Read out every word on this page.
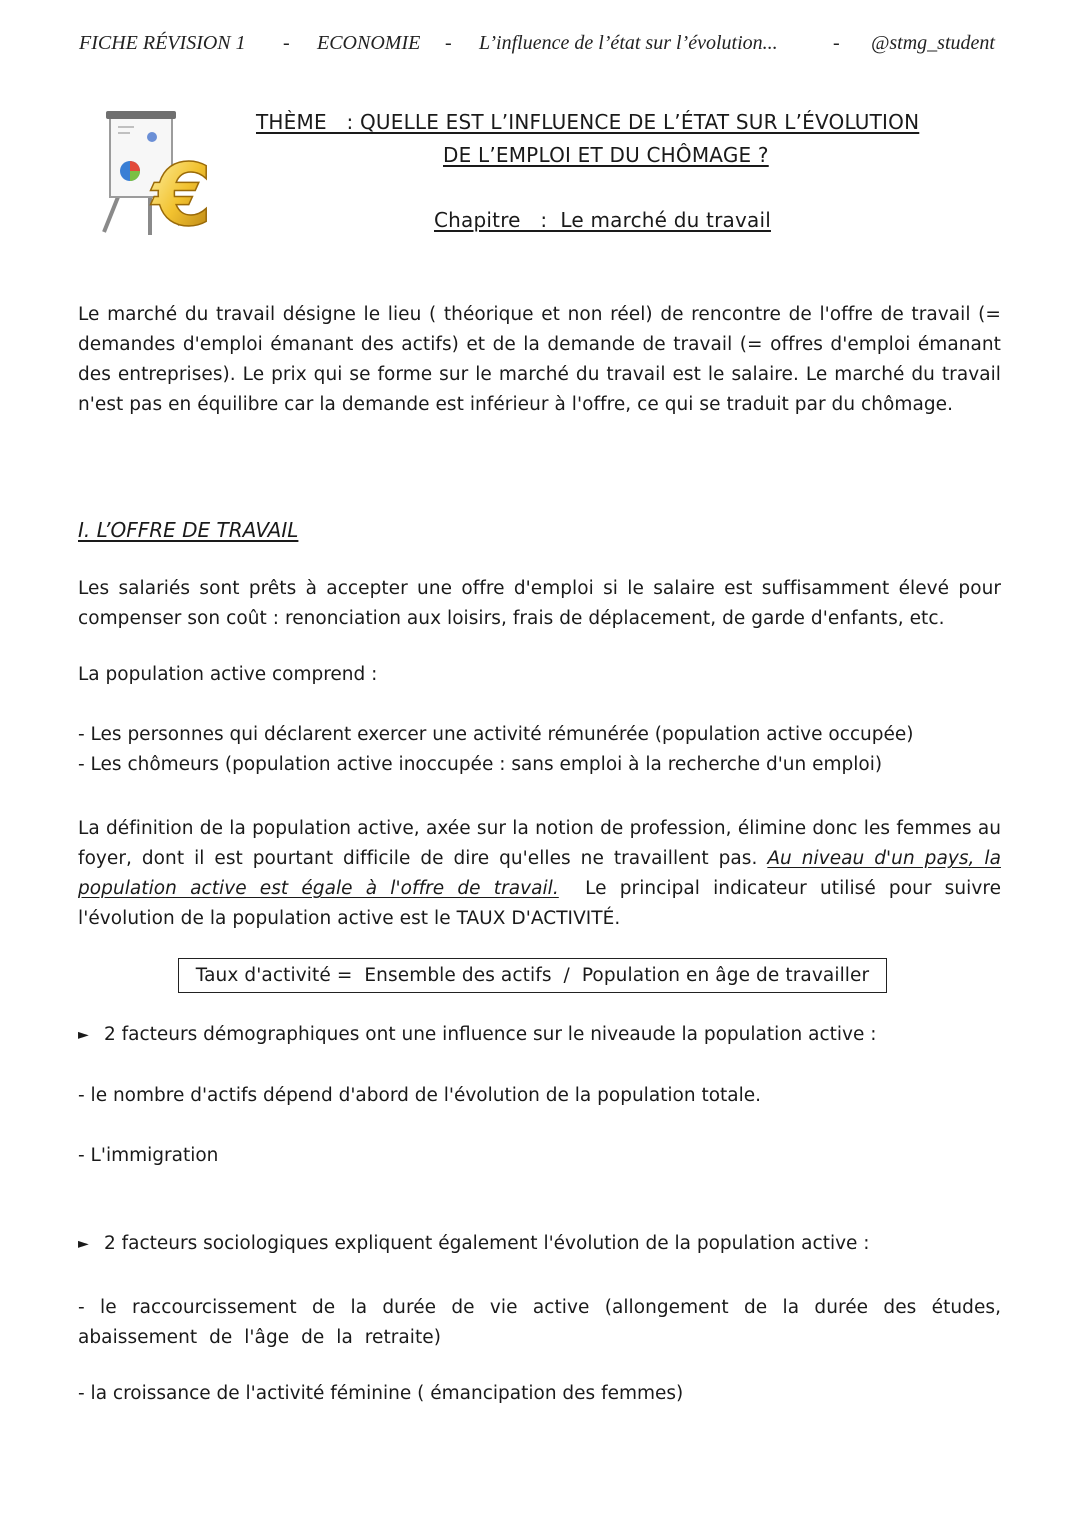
FICHE RÉVISION 1 - ECONOMIE - L’influence de l’état sur l’évolution...	- @stmg_student
€
THÈME   : QUELLE EST L’INFLUENCE DE L’ÉTAT SUR L’ÉVOLUTION
DE L’EMPLOI ET DU CHÔMAGE ?
Chapitre   :  Le marché du travail
Le marché du travail désigne le lieu ( théorique et non réel) de rencontre de l'offre de travail (= demandes d'emploi émanant des actifs) et de la demande de travail (= offres d'emploi émanant des entreprises). Le prix qui se forme sur le marché du travail est le salaire. Le marché du travail n'est pas en équilibre car la demande est inférieur à l'offre, ce qui se traduit par du chômage.
I. L’OFFRE DE TRAVAIL
Les salariés sont prêts à accepter une offre d'emploi si le salaire est suffisamment élevé pour compenser son coût : renonciation aux loisirs, frais de déplacement, de garde d'enfants, etc.
La population active comprend :
- Les personnes qui déclarent exercer une activité rémunérée (population active occupée)
- Les chômeurs (population active inoccupée : sans emploi à la recherche d'un emploi)
La définition de la population active, axée sur la notion de profession, élimine donc les femmes au foyer, dont il est pourtant difficile de dire qu'elles ne travaillent pas. Au niveau d'un pays, la population active est égale à l'offre de travail.  Le principal indicateur utilisé pour suivre l'évolution de la population active est le TAUX D'ACTIVITÉ.
Taux d'activité =  Ensemble des actifs  /  Population en âge de travailler
► 2 facteurs démographiques ont une influence sur le niveaude la population active :
- le nombre d'actifs dépend d'abord de l'évolution de la population totale.
- L'immigration
► 2 facteurs sociologiques expliquent également l'évolution de la population active :
- le raccourcissement de la durée de vie active (allongement de la durée des études, abaissement de l'âge de la retraite)
- la croissance de l'activité féminine ( émancipation des femmes)
